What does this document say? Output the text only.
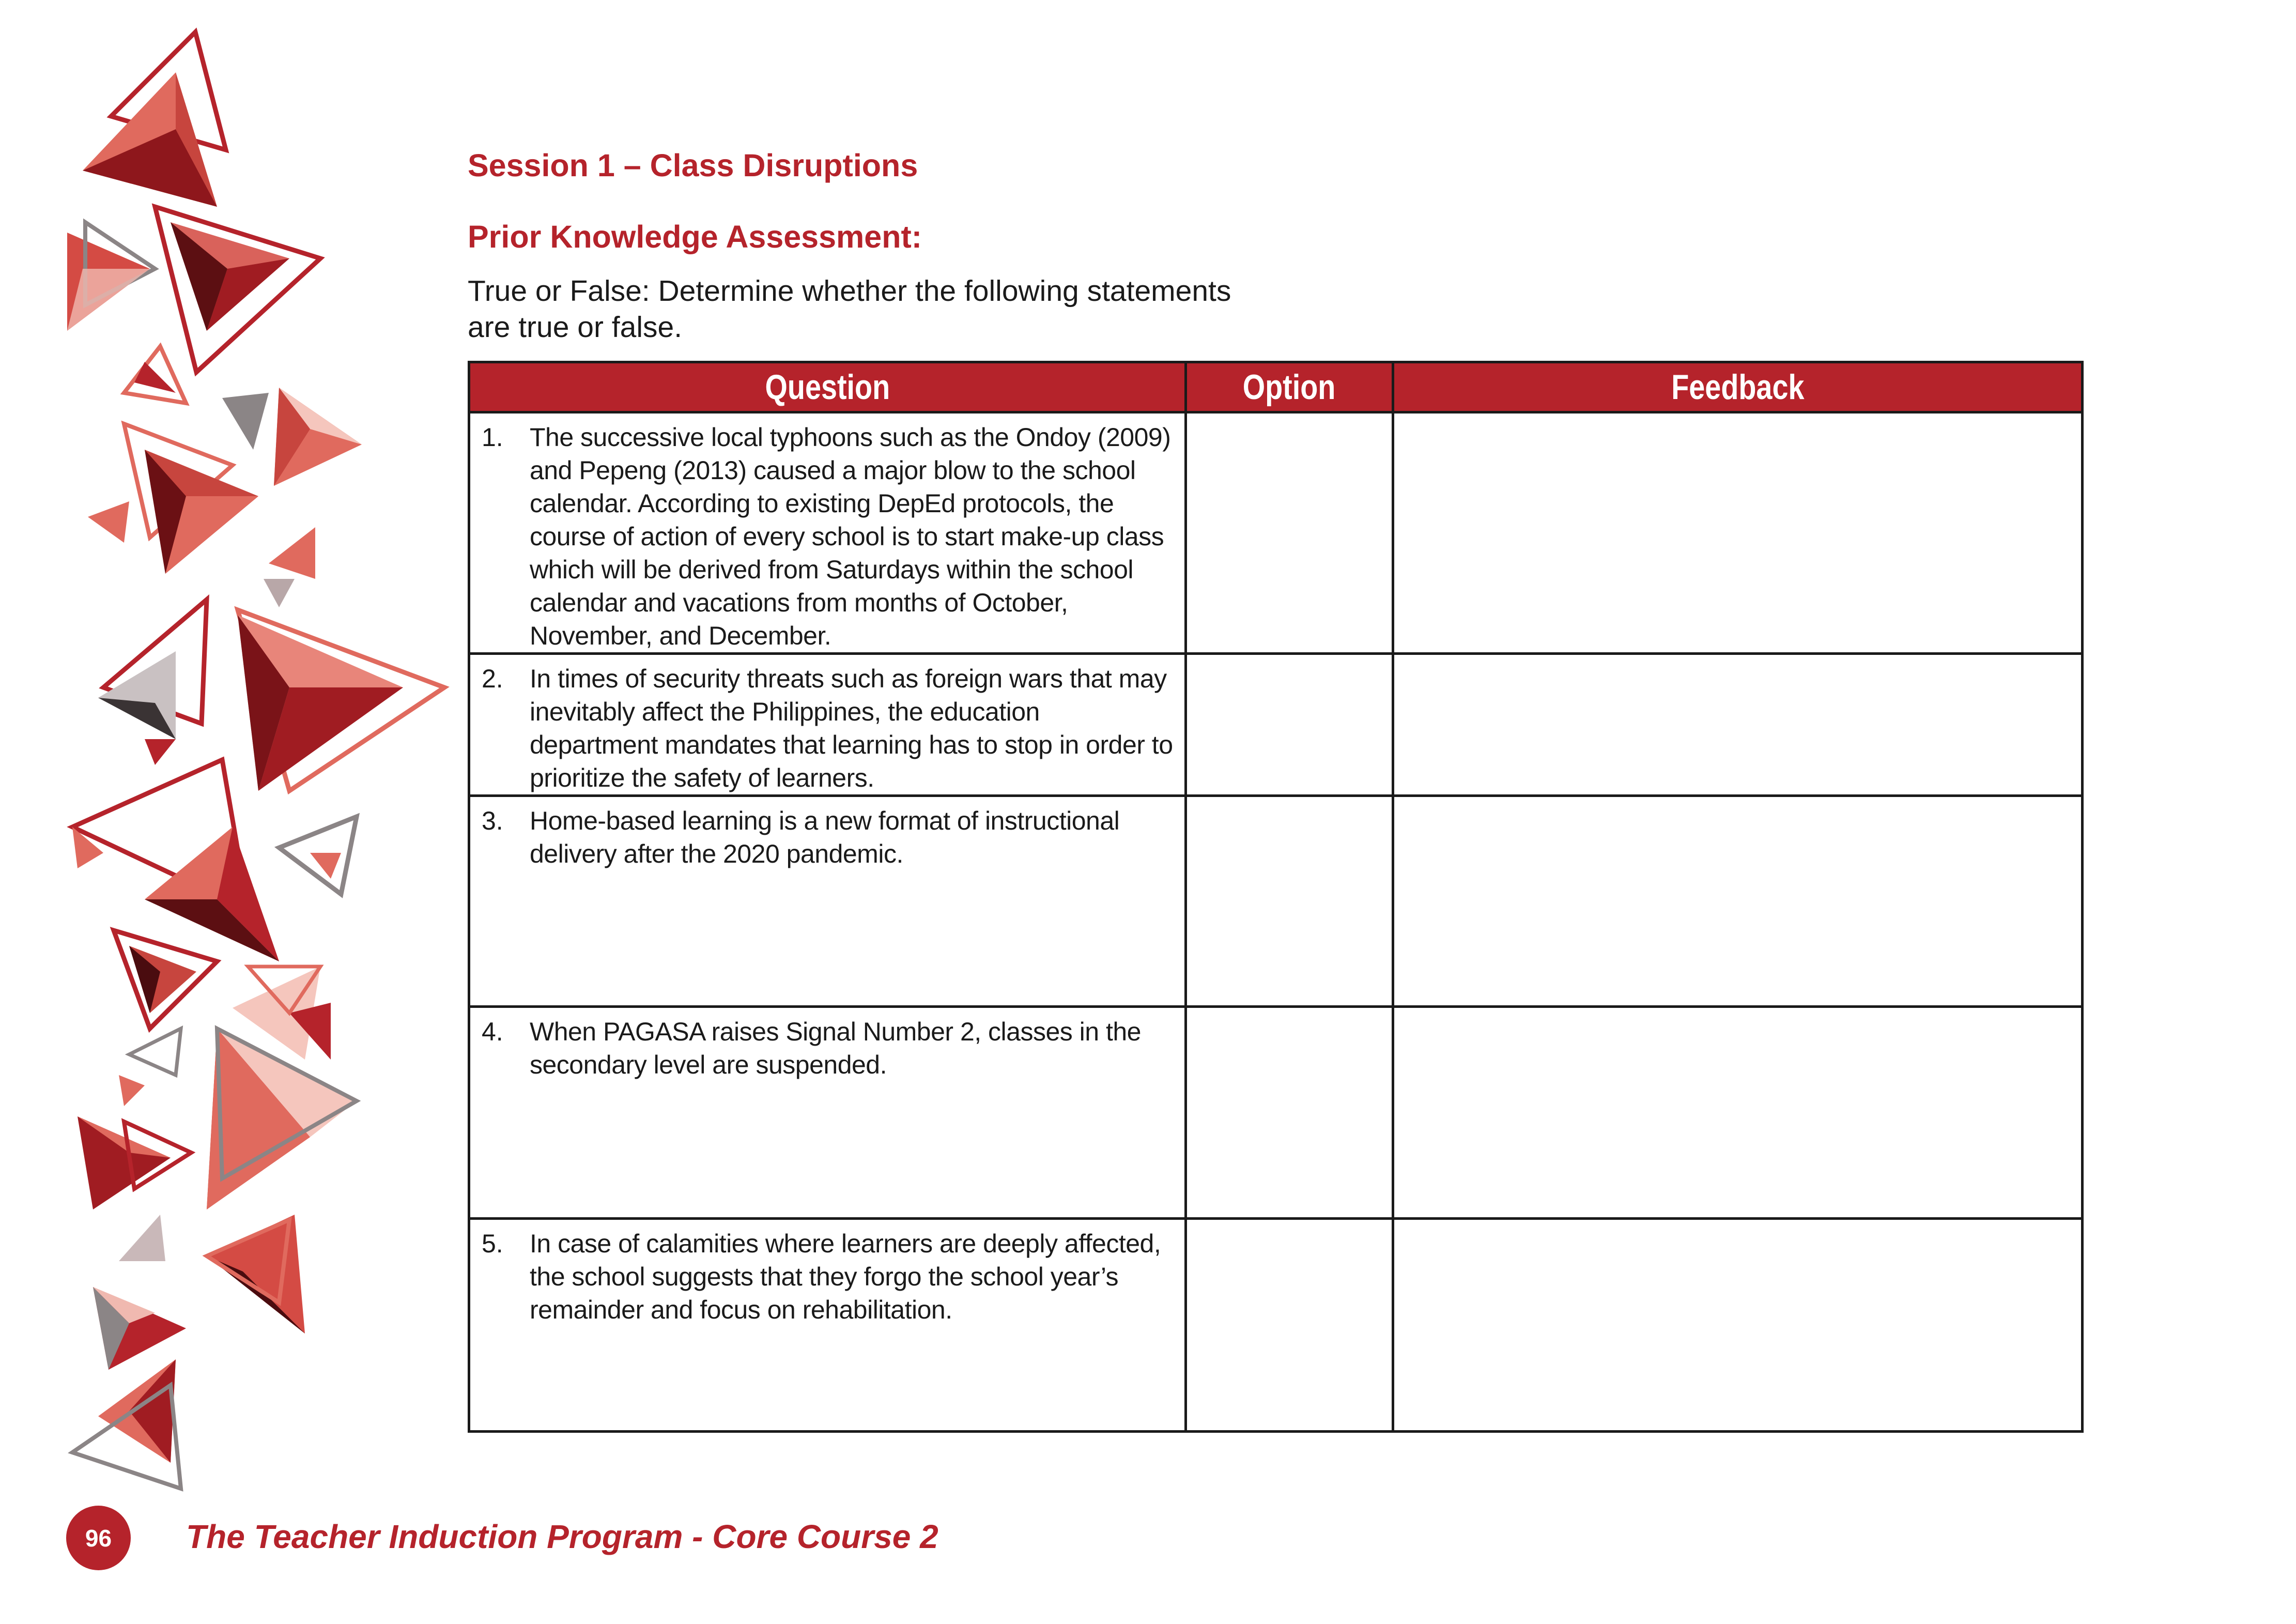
Session 1 – Class Disruptions
Prior Knowledge Assessment:

True or False: Determine whether the following statements are true or false.

Question	Option	Feedback

1. The successive local typhoons such as the Ondoy (2009) and Pepeng (2013) caused a major blow to the school calendar. According to existing DepEd protocols, the course of action of every school is to start make-up class which will be derived from Saturdays within the school calendar and vacations from months of October, November, and December.		

2. In times of security threats such as foreign wars that may inevitably affect the Philippines, the education department mandates that learning has to stop in order to prioritize the safety of learners.		

3. Home-based learning is a new format of instructional delivery after the 2020 pandemic.		

4. When PAGASA raises Signal Number 2, classes in the secondary level are suspended.		

5. In case of calamities where learners are deeply affected, the school suggests that they forgo the school year’s remainder and focus on rehabilitation.		

96	The Teacher Induction Program - Core Course 2
